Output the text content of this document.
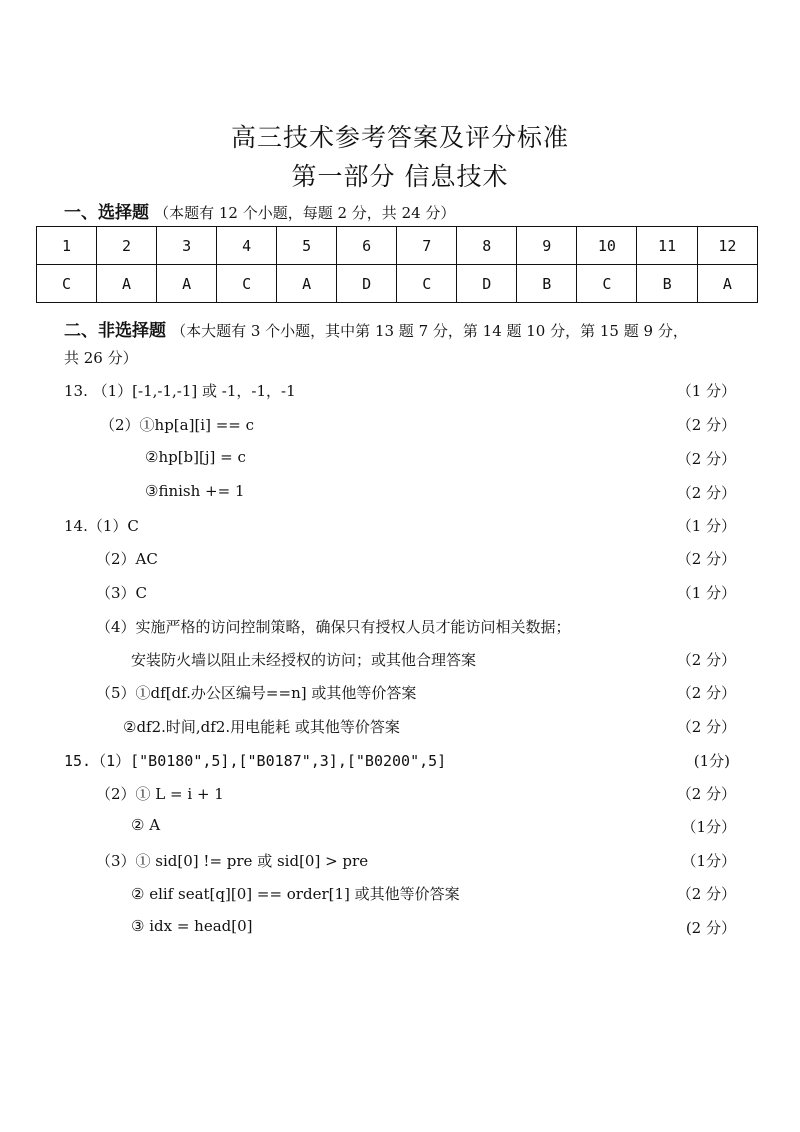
高三技术参考答案及评分标准
第一部分 信息技术
一、选择题 （本题有 12 个小题，每题 2 分，共 24 分）
1	2	3	4	5	6	7	8	9	10	11	12
C	A	A	C	A	D	C	D	B	C	B	A
二、非选择题 （本大题有 3 个小题，其中第 13 题 7 分，第 14 题 10 分，第 15 题 9 分，
共 26 分）
13. （1）[-1,-1,-1] 或 -1，-1，-1	（1 分）
（2）①hp[a][i] == c	（2 分）
②hp[b][j] = c	（2 分）
③finish += 1	（2 分）
14.（1）C	（1 分）
（2）AC	（2 分）
（3）C	（1 分）
（4）实施严格的访问控制策略，确保只有授权人员才能访问相关数据；
安装防火墙以阻止未经授权的访问；或其他合理答案	（2 分）
（5）①df[df.办公区编号==n] 或其他等价答案	（2 分）
②df2.时间,df2.用电能耗 或其他等价答案	（2 分）
15.（1）["B0180",5],["B0187",3],["B0200",5]	(1分)
（2）① L = i + 1	（2 分）
② A	（1分）
（3）① sid[0] != pre 或 sid[0] > pre	（1分）
② elif seat[q][0] == order[1] 或其他等价答案	（2 分）
③ idx = head[0]	(2 分）
